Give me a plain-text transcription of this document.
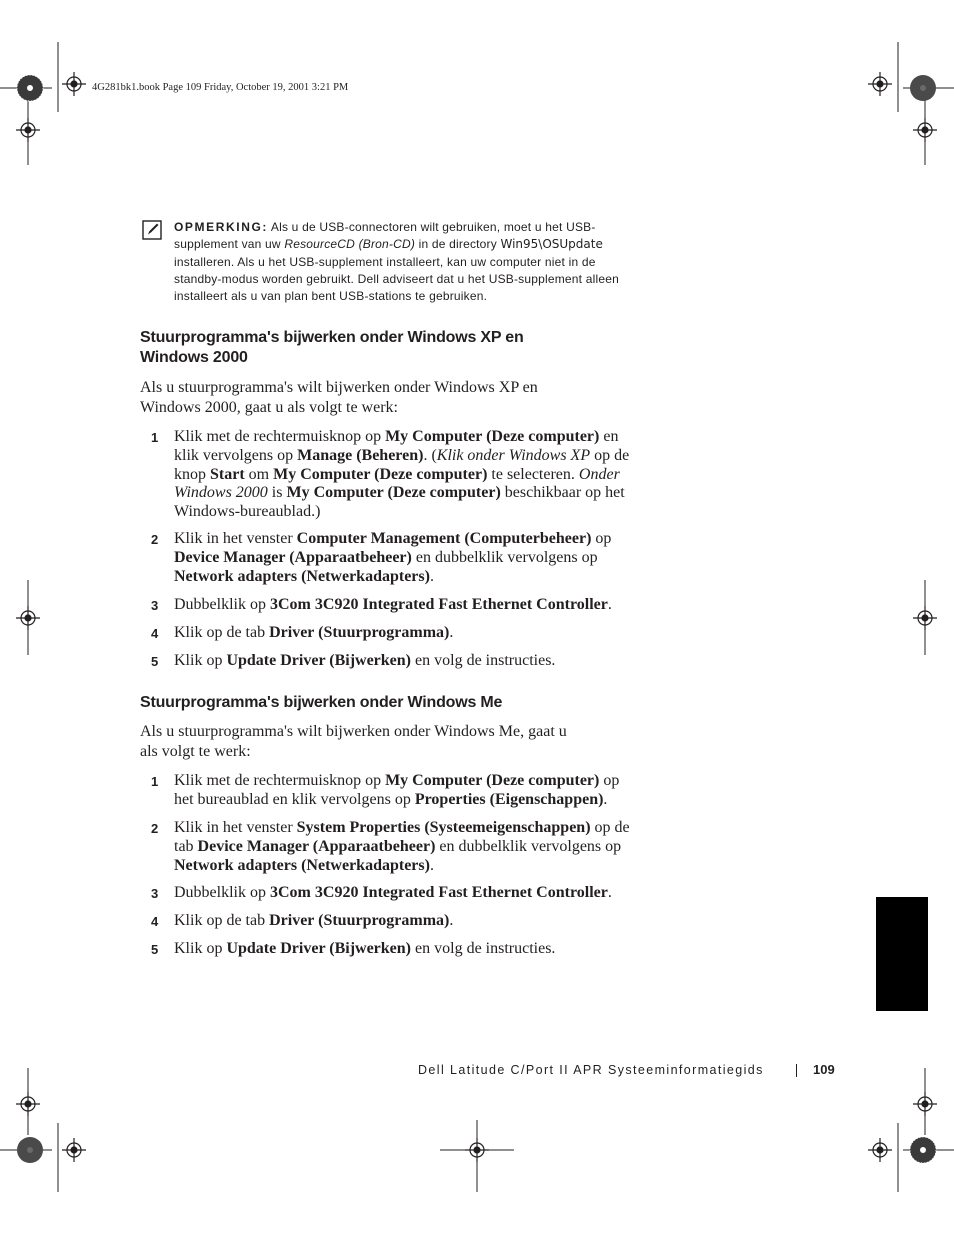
4G281bk1.book Page 109 Friday, October 19, 2001 3:21 PM
OPMERKING: Als u de USB-connectoren wilt gebruiken, moet u het USB-supplement van uw ResourceCD (Bron-CD) in de directory Win95\OSUpdate installeren. Als u het USB-supplement installeert, kan uw computer niet in de standby-modus worden gebruikt. Dell adviseert dat u het USB-supplement alleen installeert als u van plan bent USB-stations te gebruiken.
Stuurprogramma's bijwerken onder Windows XP en Windows 2000
Als u stuurprogramma's wilt bijwerken onder Windows XP en Windows 2000, gaat u als volgt te werk:
1 Klik met de rechtermuisknop op My Computer (Deze computer) en klik vervolgens op Manage (Beheren). (Klik onder Windows XP op de knop Start om My Computer (Deze computer) te selecteren. Onder Windows 2000 is My Computer (Deze computer) beschikbaar op het Windows-bureaublad.)
2 Klik in het venster Computer Management (Computerbeheer) op Device Manager (Apparaatbeheer) en dubbelklik vervolgens op Network adapters (Netwerkadapters).
3 Dubbelklik op 3Com 3C920 Integrated Fast Ethernet Controller.
4 Klik op de tab Driver (Stuurprogramma).
5 Klik op Update Driver (Bijwerken) en volg de instructies.
Stuurprogramma's bijwerken onder Windows Me
Als u stuurprogramma's wilt bijwerken onder Windows Me, gaat u als volgt te werk:
1 Klik met de rechtermuisknop op My Computer (Deze computer) op het bureaublad en klik vervolgens op Properties (Eigenschappen).
2 Klik in het venster System Properties (Systeemeigenschappen) op de tab Device Manager (Apparaatbeheer) en dubbelklik vervolgens op Network adapters (Netwerkadapters).
3 Dubbelklik op 3Com 3C920 Integrated Fast Ethernet Controller.
4 Klik op de tab Driver (Stuurprogramma).
5 Klik op Update Driver (Bijwerken) en volg de instructies.
Dell Latitude C/Port II APR Systeeminformatiegids	109
